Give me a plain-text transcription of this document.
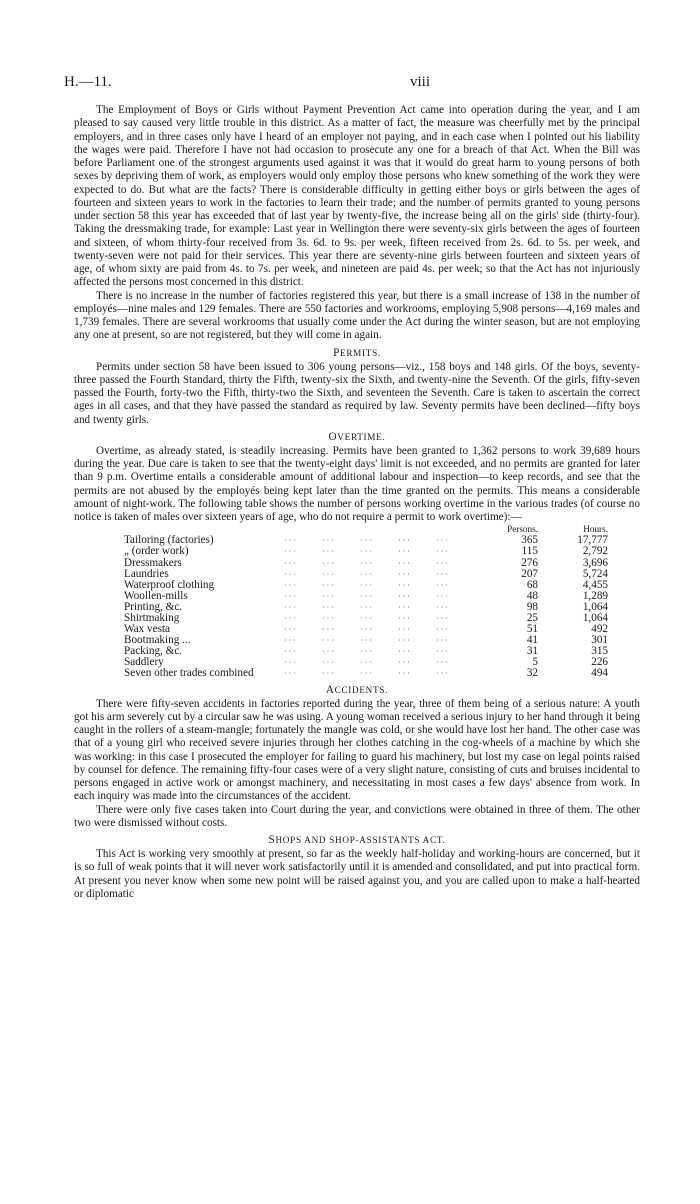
H.—11.	viii

The Employment of Boys or Girls without Payment Prevention Act came into operation during the year, and I am pleased to say caused very little trouble in this district. As a matter of fact, the measure was cheerfully met by the principal employers, and in three cases only have I heard of an employer not paying, and in each case when I pointed out his liability the wages were paid. Therefore I have not had occasion to prosecute any one for a breach of that Act. When the Bill was before Parliament one of the strongest arguments used against it was that it would do great harm to young persons of both sexes by depriving them of work, as employers would only employ those persons who knew something of the work they were expected to do. But what are the facts? There is considerable difficulty in getting either boys or girls between the ages of fourteen and sixteen years to work in the factories to learn their trade; and the number of permits granted to young persons under section 58 this year has exceeded that of last year by twenty-five, the increase being all on the girls' side (thirty-four). Taking the dressmaking trade, for example: Last year in Wellington there were seventy-six girls between the ages of fourteen and sixteen, of whom thirty-four received from 3s. 6d. to 9s. per week, fifteen received from 2s. 6d. to 5s. per week, and twenty-seven were not paid for their services. This year there are seventy-nine girls between fourteen and sixteen years of age, of whom sixty are paid from 4s. to 7s. per week, and nineteen are paid 4s. per week; so that the Act has not injuriously affected the persons most concerned in this district.

There is no increase in the number of factories registered this year, but there is a small increase of 138 in the number of employés—nine males and 129 females. There are 550 factories and workrooms, employing 5,908 persons—4,169 males and 1,739 females. There are several workrooms that usually come under the Act during the winter season, but are not employing any one at present, so are not registered, but they will come in again.

PERMITS.

Permits under section 58 have been issued to 306 young persons—viz., 158 boys and 148 girls. Of the boys, seventy-three passed the Fourth Standard, thirty the Fifth, twenty-six the Sixth, and twenty-nine the Seventh. Of the girls, fifty-seven passed the Fourth, forty-two the Fifth, thirty-two the Sixth, and seventeen the Seventh. Care is taken to ascertain the correct ages in all cases, and that they have passed the standard as required by law. Seventy permits have been declined—fifty boys and twenty girls.

OVERTIME.

Overtime, as already stated, is steadily increasing. Permits have been granted to 1,362 persons to work 39,689 hours during the year. Due care is taken to see that the twenty-eight days' limit is not exceeded, and no permits are granted for later than 9 p.m. Overtime entails a considerable amount of additional labour and inspection—to keep records, and see that the permits are not abused by the employés being kept later than the time granted on the permits. This means a considerable amount of night-work. The following table shows the number of persons working overtime in the various trades (of course no notice is taken of males over sixteen years of age, who do not require a permit to work overtime):—

		Persons.	Hours.
Tailoring (factories)	···      ···      ···      ···      ···	365	17,777
„ (order work)	···      ···      ···      ···      ···	115	2,792
Dressmakers	···      ···      ···      ···      ···	276	3,696
Laundries	···      ···      ···      ···      ···	207	5,724
Waterproof clothing	···      ···      ···      ···      ···	68	4,455
Woollen-mills	···      ···      ···      ···      ···	48	1,289
Printing, &c.	···      ···      ···      ···      ···	98	1,064
Shirtmaking	···      ···      ···      ···      ···	25	1,064
Wax vesta	···      ···      ···      ···      ···	51	492
Bootmaking ...	···      ···      ···      ···      ···	41	301
Packing, &c.	···      ···      ···      ···      ···	31	315
Saddlery	···      ···      ···      ···      ···	5	226
Seven other trades combined	···      ···      ···      ···      ···	32	494
ACCIDENTS.

There were fifty-seven accidents in factories reported during the year, three of them being of a serious nature: A youth got his arm severely cut by a circular saw he was using. A young woman received a serious injury to her hand through it being caught in the rollers of a steam-mangle; fortunately the mangle was cold, or she would have lost her hand. The other case was that of a young girl who received severe injuries through her clothes catching in the cog-wheels of a machine by which she was working: in this case I prosecuted the employer for failing to guard his machinery, but lost my case on legal points raised by counsel for defence. The remaining fifty-four cases were of a very slight nature, consisting of cuts and bruises incidental to persons engaged in active work or amongst machinery, and necessitating in most cases a few days' absence from work. In each inquiry was made into the circumstances of the accident.

There were only five cases taken into Court during the year, and convictions were obtained in three of them. The other two were dismissed without costs.

SHOPS AND SHOP-ASSISTANTS ACT.

This Act is working very smoothly at present, so far as the weekly half-holiday and working-hours are concerned, but it is so full of weak points that it will never work satisfactorily until it is amended and consolidated, and put into practical form. At present you never know when some new point will be raised against you, and you are called upon to make a half-hearted or diplomatic
